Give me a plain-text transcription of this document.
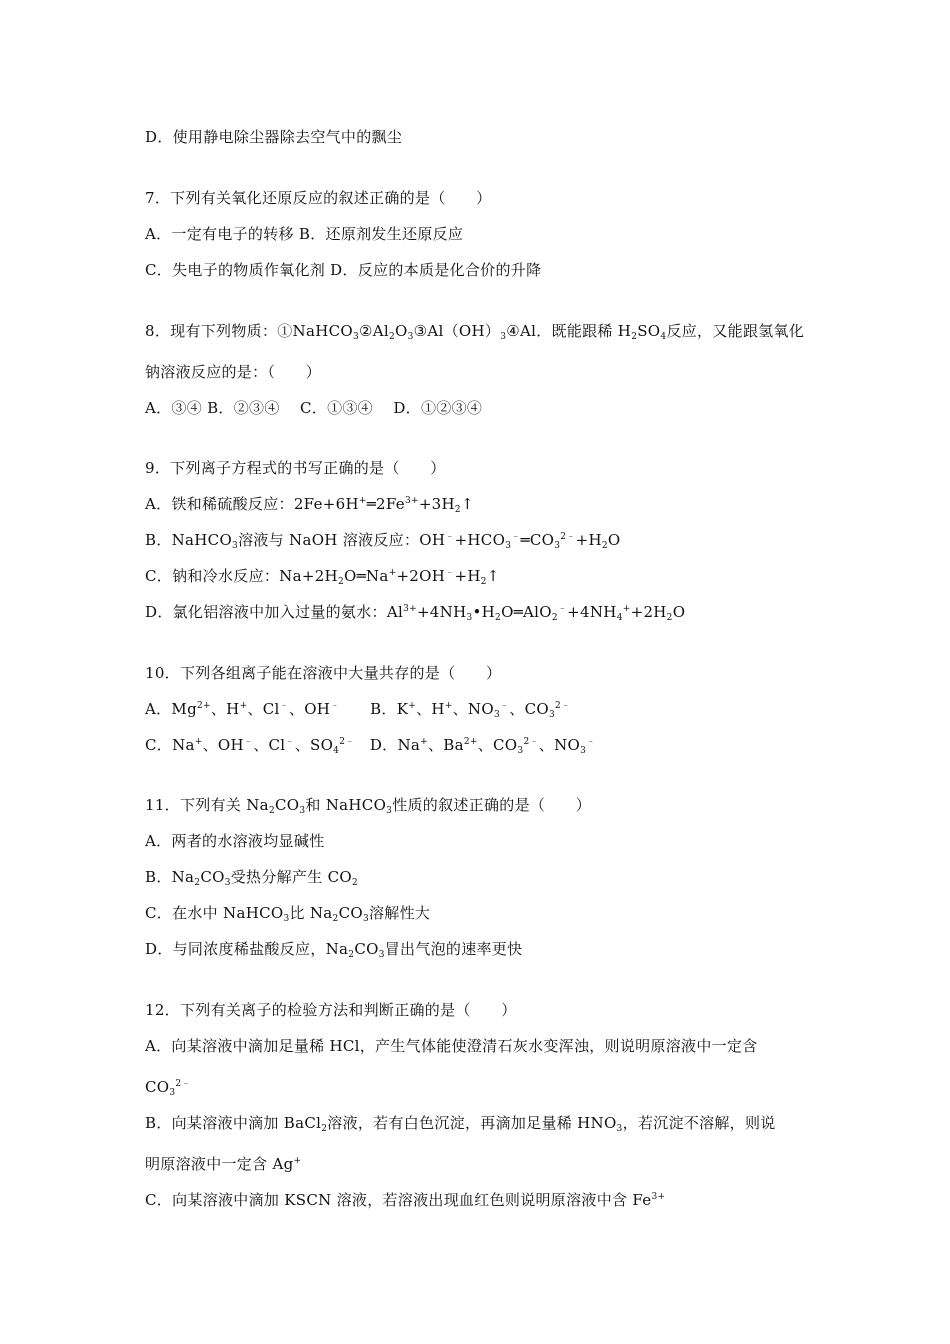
D．使用静电除尘器除去空气中的飘尘
7．下列有关氧化还原反应的叙述正确的是（　　）
A．一定有电子的转移 B．还原剂发生还原反应
C．失电子的物质作氧化剂 D．反应的本质是化合价的升降
8．现有下列物质：$①NaHCO_3②Al_2O_3③Al(OH)_3④Al$．既能跟稀 $H_2SO_4$反应，又能跟氢氧化
钠溶液反应的是：（　　）
A．③④ B．②③④　 C．①③④　 D．①②③④
9．下列离子方程式的书写正确的是（　　）
A．铁和稀硫酸反应：$2Fe+6H^+═2Fe^{3+}+3H_2↑$
B．NaHCO$_3$溶液与 NaOH 溶液反应：$OH^﹣+HCO_3^﹣═CO_3^{2﹣}+H_2O$
C．钠和冷水反应：$Na+2H_2O═Na^++2OH^﹣+H_2↑$
D．氯化铝溶液中加入过量的氨水：$Al^{3+}+4NH_3•H_2O═AlO_2^﹣+4NH_4^++2H_2O$
10．下列各组离子能在溶液中大量共存的是（　　）
A．$Mg^{2+}$、H+、Cl﹣、OH﹣　　B．K+、H+、$NO_3^﹣$、$CO_3^{2﹣}$
C．Na+、OH﹣、Cl﹣、$SO_4^{2﹣}$　D．Na+、$Ba^{2+}$、$CO_3^{2﹣}$、$NO_3^﹣$
11．下列有关 $Na_2CO_3$和 NaHCO$_3$性质的叙述正确的是（　　）
A．两者的水溶液均显碱性
B．$Na_2CO_3$受热分解产生 $CO_2$
C．在水中 NaHCO$_3$比 $Na_2CO_3$溶解性大
D．与同浓度稀盐酸反应，$Na_2CO_3$冒出气泡的速率更快
12．下列有关离子的检验方法和判断正确的是（　　）
A．向某溶液中滴加足量稀 HCl，产生气体能使澄清石灰水变浑浊，则说明原溶液中一定含
$CO_3^{2﹣}$
B．向某溶液中滴加 BaCl$_2$溶液，若有白色沉淀，再滴加足量稀 $HNO_3$，若沉淀不溶解，则说
明原溶液中一定含 Ag+
C．向某溶液中滴加 KSCN 溶液，若溶液出现血红色则说明原溶液中含 $Fe^{3+}$
